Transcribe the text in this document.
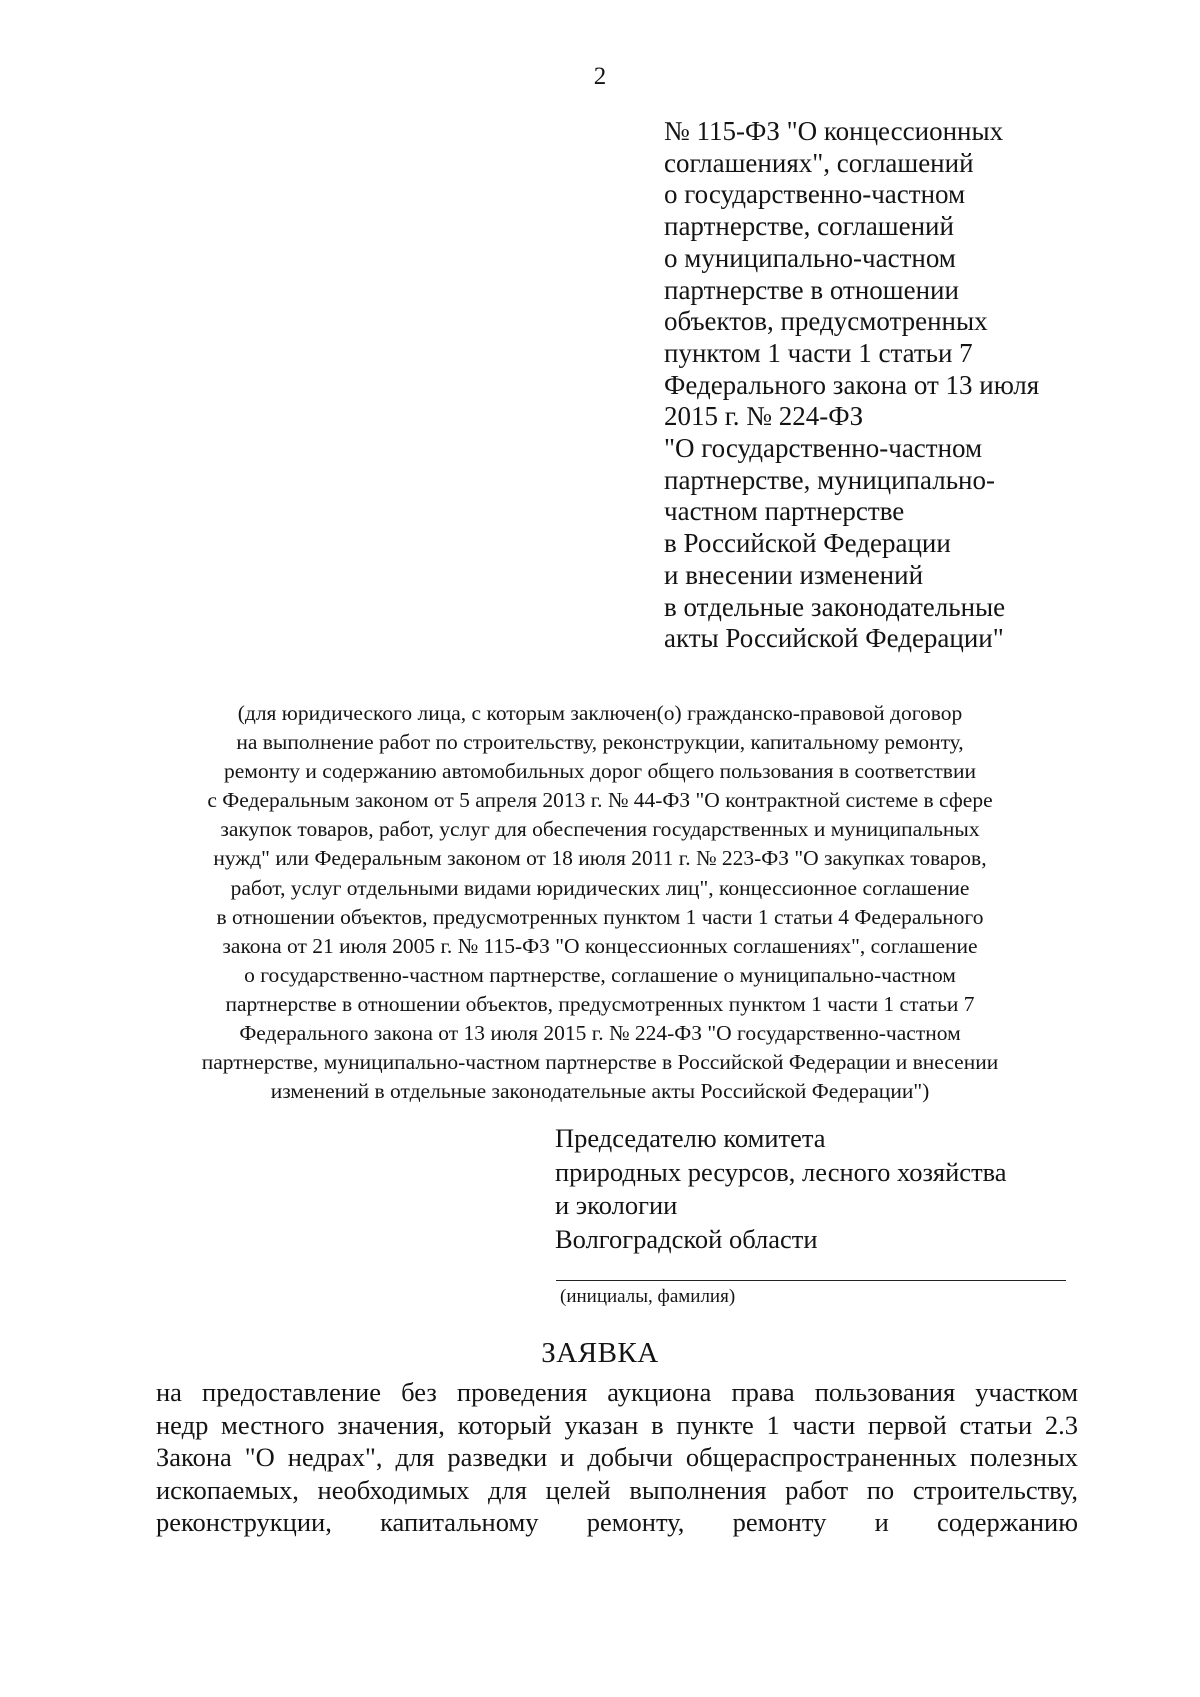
2
№ 115-ФЗ "О концессионных
соглашениях", соглашений
о государственно-частном
партнерстве, соглашений
о муниципально-частном
партнерстве в отношении
объектов, предусмотренных
пунктом 1 части 1 статьи 7
Федерального закона от 13 июля
2015 г. № 224-ФЗ
"О государственно-частном
партнерстве, муниципально-
частном партнерстве
в Российской Федерации
и внесении изменений
в отдельные законодательные
акты Российской Федерации"
(для юридического лица, с которым заключен(о) гражданско-правовой договор
на выполнение работ по строительству, реконструкции, капитальному ремонту,
ремонту и содержанию автомобильных дорог общего пользования в соответствии
с Федеральным законом от 5 апреля 2013 г. № 44-ФЗ "О контрактной системе в сфере
закупок товаров, работ, услуг для обеспечения государственных и муниципальных
нужд" или Федеральным законом от 18 июля 2011 г. № 223-ФЗ "О закупках товаров,
работ, услуг отдельными видами юридических лиц", концессионное соглашение
в отношении объектов, предусмотренных пунктом 1 части 1 статьи 4 Федерального
закона от 21 июля 2005 г. № 115-ФЗ "О концессионных соглашениях", соглашение
о государственно-частном партнерстве, соглашение о муниципально-частном
партнерстве в отношении объектов, предусмотренных пунктом 1 части 1 статьи 7
Федерального закона от 13 июля 2015 г. № 224-ФЗ "О государственно-частном
партнерстве, муниципально-частном партнерстве в Российской Федерации и внесении
изменений в отдельные законодательные акты Российской Федерации")
Председателю комитета
природных ресурсов, лесного хозяйства
и экологии
Волгоградской области
(инициалы, фамилия)
ЗАЯВКА
на предоставление без проведения аукциона права пользования участком
недр местного значения, который указан в пункте 1 части первой статьи 2.3
Закона "О недрах", для разведки и добычи общераспространенных полезных
ископаемых, необходимых для целей выполнения работ по строительству,
реконструкции, капитальному ремонту, ремонту и содержанию
